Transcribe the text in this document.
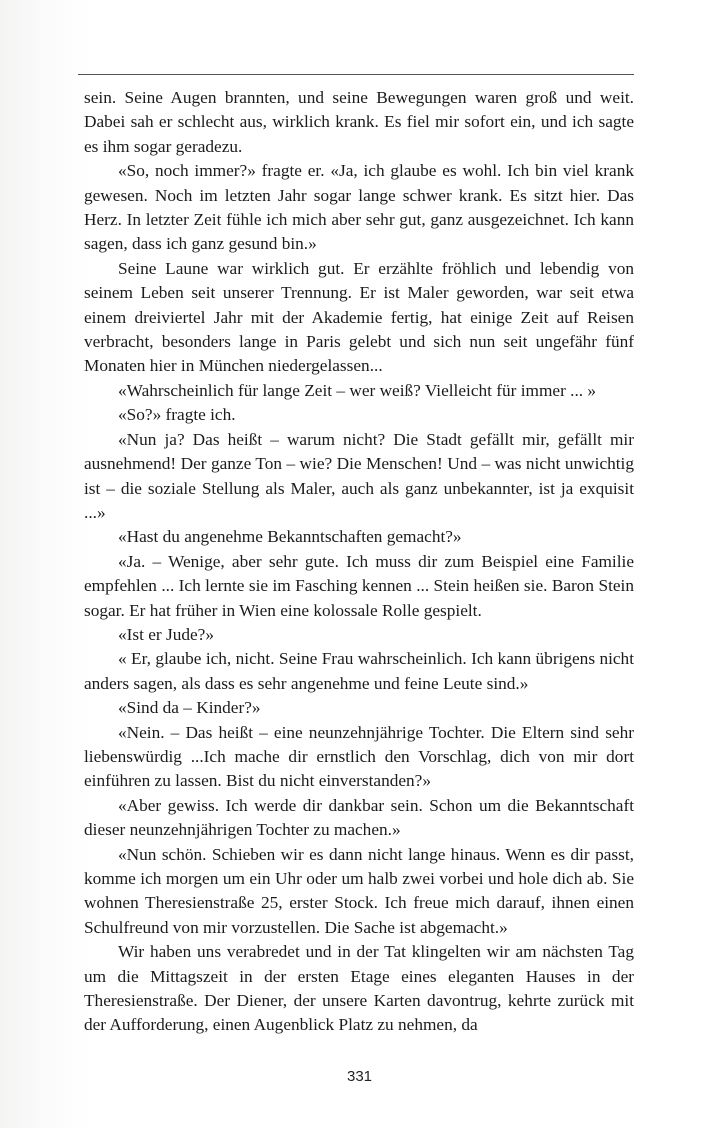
sein. Seine Augen brannten, und seine Bewegungen waren groß und weit. Dabei sah er schlecht aus, wirklich krank. Es fiel mir sofort ein, und ich sagte es ihm sogar geradezu.

«So, noch immer?» fragte er. «Ja, ich glaube es wohl. Ich bin viel krank gewesen. Noch im letzten Jahr sogar lange schwer krank. Es sitzt hier. Das Herz. In letzter Zeit fühle ich mich aber sehr gut, ganz ausgezeichnet. Ich kann sagen, dass ich ganz gesund bin.»

Seine Laune war wirklich gut. Er erzählte fröhlich und lebendig von seinem Leben seit unserer Trennung. Er ist Maler geworden, war seit etwa einem dreiviertel Jahr mit der Akademie fertig, hat einige Zeit auf Reisen verbracht, besonders lange in Paris gelebt und sich nun seit ungefähr fünf Monaten hier in München niedergelassen...

«Wahrscheinlich für lange Zeit – wer weiß? Vielleicht für immer ... »

«So?» fragte ich.

«Nun ja? Das heißt – warum nicht? Die Stadt gefällt mir, gefällt mir ausnehmend! Der ganze Ton – wie? Die Menschen! Und – was nicht unwichtig ist – die soziale Stellung als Maler, auch als ganz unbekannter, ist ja exquisit ...»

«Hast du angenehme Bekanntschaften gemacht?»

«Ja. – Wenige, aber sehr gute. Ich muss dir zum Beispiel eine Familie empfehlen ... Ich lernte sie im Fasching kennen ... Stein heißen sie. Baron Stein sogar. Er hat früher in Wien eine kolossale Rolle gespielt.

«Ist er Jude?»

« Er, glaube ich, nicht. Seine Frau wahrscheinlich. Ich kann übrigens nicht anders sagen, als dass es sehr angenehme und feine Leute sind.»

«Sind da – Kinder?»

«Nein. – Das heißt – eine neunzehnjährige Tochter. Die Eltern sind sehr liebenswürdig ...Ich mache dir ernstlich den Vorschlag, dich von mir dort einführen zu lassen. Bist du nicht einverstanden?»

«Aber gewiss. Ich werde dir dankbar sein. Schon um die Bekanntschaft dieser neunzehnjährigen Tochter zu machen.»

«Nun schön. Schieben wir es dann nicht lange hinaus. Wenn es dir passt, komme ich morgen um ein Uhr oder um halb zwei vorbei und hole dich ab. Sie wohnen Theresienstraße 25, erster Stock. Ich freue mich darauf, ihnen einen Schulfreund von mir vorzustellen. Die Sache ist abgemacht.»

Wir haben uns verabredet und in der Tat klingelten wir am nächsten Tag um die Mittagszeit in der ersten Etage eines eleganten Hauses in der Theresienstraße. Der Diener, der unsere Karten davontrug, kehrte zurück mit der Aufforderung, einen Augenblick Platz zu nehmen, da

331
